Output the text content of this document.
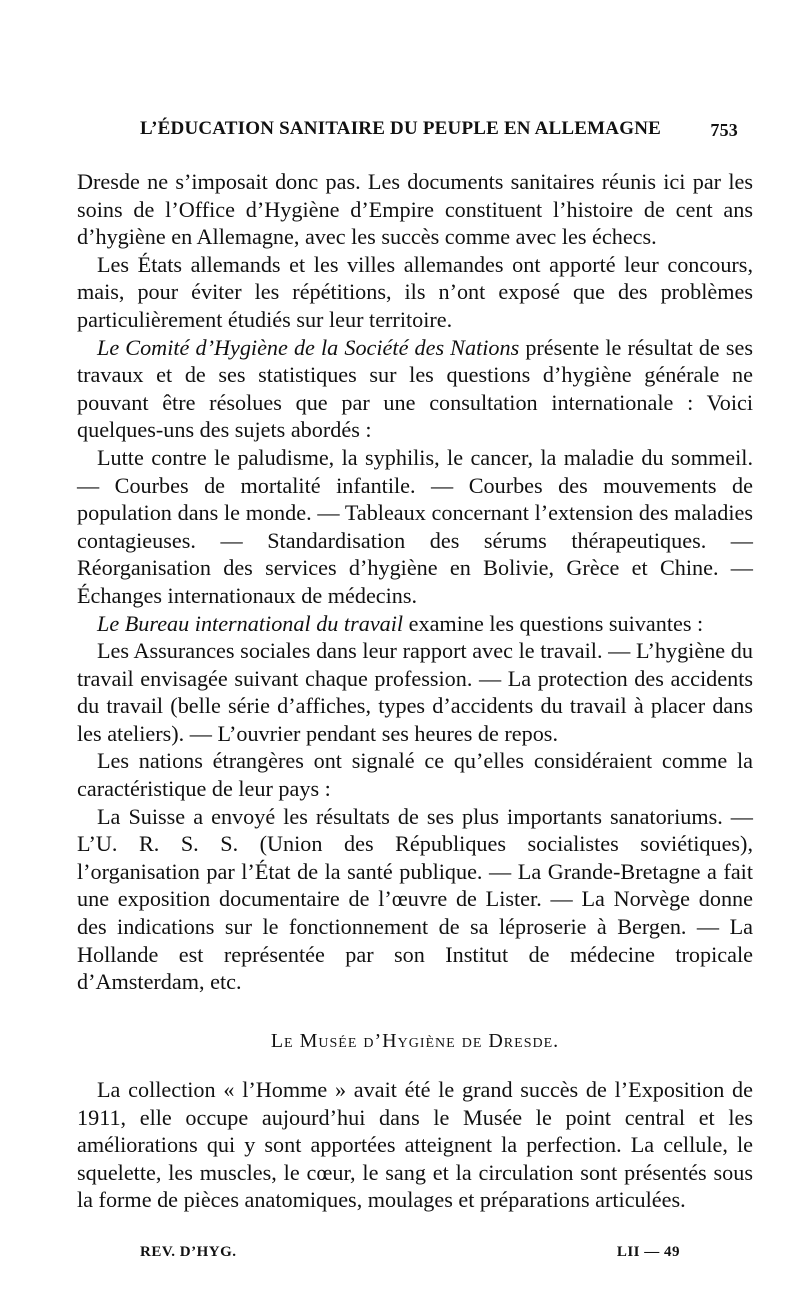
L’ÉDUCATION SANITAIRE DU PEUPLE EN ALLEMAGNE	753

Dresde ne s’imposait donc pas. Les documents sanitaires réunis ici par les soins de l’Office d’Hygiène d’Empire constituent l’histoire de cent ans d’hygiène en Allemagne, avec les succès comme avec les échecs.

Les États allemands et les villes allemandes ont apporté leur concours, mais, pour éviter les répétitions, ils n’ont exposé que des problèmes particulièrement étudiés sur leur territoire.

Le Comité d’Hygiène de la Société des Nations présente le résultat de ses travaux et de ses statistiques sur les questions d’hygiène générale ne pouvant être résolues que par une consultation internationale : Voici quelques-uns des sujets abordés :

Lutte contre le paludisme, la syphilis, le cancer, la maladie du sommeil. — Courbes de mortalité infantile. — Courbes des mouvements de population dans le monde. — Tableaux concernant l’extension des maladies contagieuses. — Standardisation des sérums thérapeutiques. — Réorganisation des services d’hygiène en Bolivie, Grèce et Chine. — Échanges internationaux de médecins.

Le Bureau international du travail examine les questions suivantes :

Les Assurances sociales dans leur rapport avec le travail. — L’hygiène du travail envisagée suivant chaque profession. — La protection des accidents du travail (belle série d’affiches, types d’accidents du travail à placer dans les ateliers). — L’ouvrier pendant ses heures de repos.

Les nations étrangères ont signalé ce qu’elles considéraient comme la caractéristique de leur pays :

La Suisse a envoyé les résultats de ses plus importants sanatoriums. — L’U. R. S. S. (Union des Républiques socialistes soviétiques), l’organisation par l’État de la santé publique. — La Grande-Bretagne a fait une exposition documentaire de l’œuvre de Lister. — La Norvège donne des indications sur le fonctionnement de sa léproserie à Bergen. — La Hollande est représentée par son Institut de médecine tropicale d’Amsterdam, etc.

Le Musée d’Hygiène de Dresde.

La collection « l’Homme » avait été le grand succès de l’Exposition de 1911, elle occupe aujourd’hui dans le Musée le point central et les améliorations qui y sont apportées atteignent la perfection. La cellule, le squelette, les muscles, le cœur, le sang et la circulation sont présentés sous la forme de pièces anatomiques, moulages et préparations articulées.

REV. D’HYG.	LII — 49
